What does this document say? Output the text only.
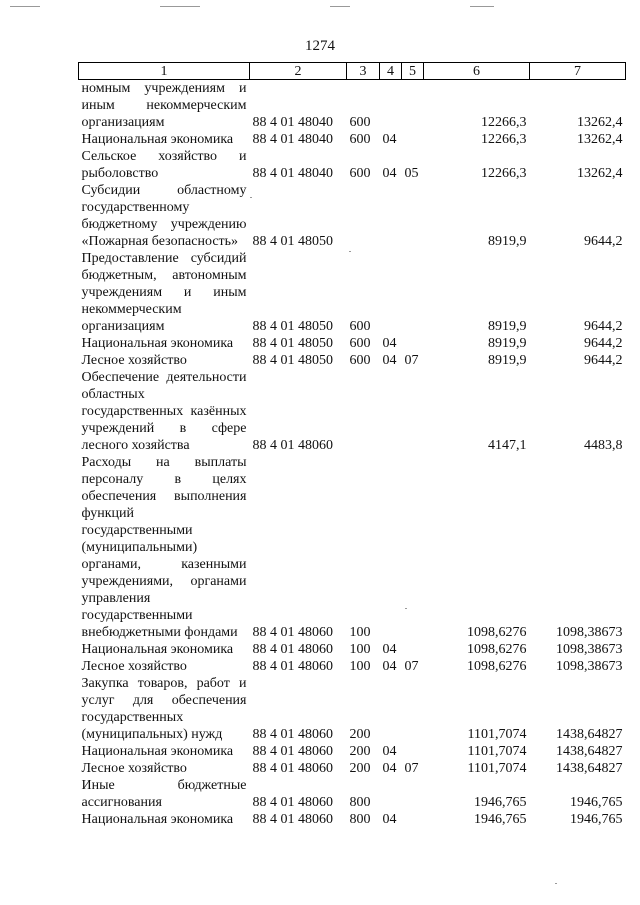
1274
1	2	3	4	5	6	7
номным учреждениям и иным некоммерческим организациям	88 4 01 48040	600			12266,3	13262,4
Национальная экономика	88 4 01 48040	600	04		12266,3	13262,4
Сельское хозяйство и рыболовство	88 4 01 48040	600	04	05	12266,3	13262,4
Субсидии областному государственному бюджетному учреждению «Пожарная безопасность»	88 4 01 48050				8919,9	9644,2
Предоставление субсидий бюджетным, автономным учреждениям и иным некоммерческим организациям	88 4 01 48050	600			8919,9	9644,2
Национальная экономика	88 4 01 48050	600	04		8919,9	9644,2
Лесное хозяйство	88 4 01 48050	600	04	07	8919,9	9644,2
Обеспечение деятельности областных государственных казённых учреждений в сфере лесного хозяйства	88 4 01 48060				4147,1	4483,8
Расходы на выплаты персоналу в целях обеспечения выполнения функций государственными (муниципальными) органами, казенными учреждениями, органами управления государственными внебюджетными фондами	88 4 01 48060	100			1098,6276	1098,38673
Национальная экономика	88 4 01 48060	100	04		1098,6276	1098,38673
Лесное хозяйство	88 4 01 48060	100	04	07	1098,6276	1098,38673
Закупка товаров, работ и услуг для обеспечения государственных (муниципальных) нужд	88 4 01 48060	200			1101,7074	1438,64827
Национальная экономика	88 4 01 48060	200	04		1101,7074	1438,64827
Лесное хозяйство	88 4 01 48060	200	04	07	1101,7074	1438,64827
Иные бюджетные ассигнования	88 4 01 48060	800			1946,765	1946,765
Национальная экономика	88 4 01 48060	800	04		1946,765	1946,765
